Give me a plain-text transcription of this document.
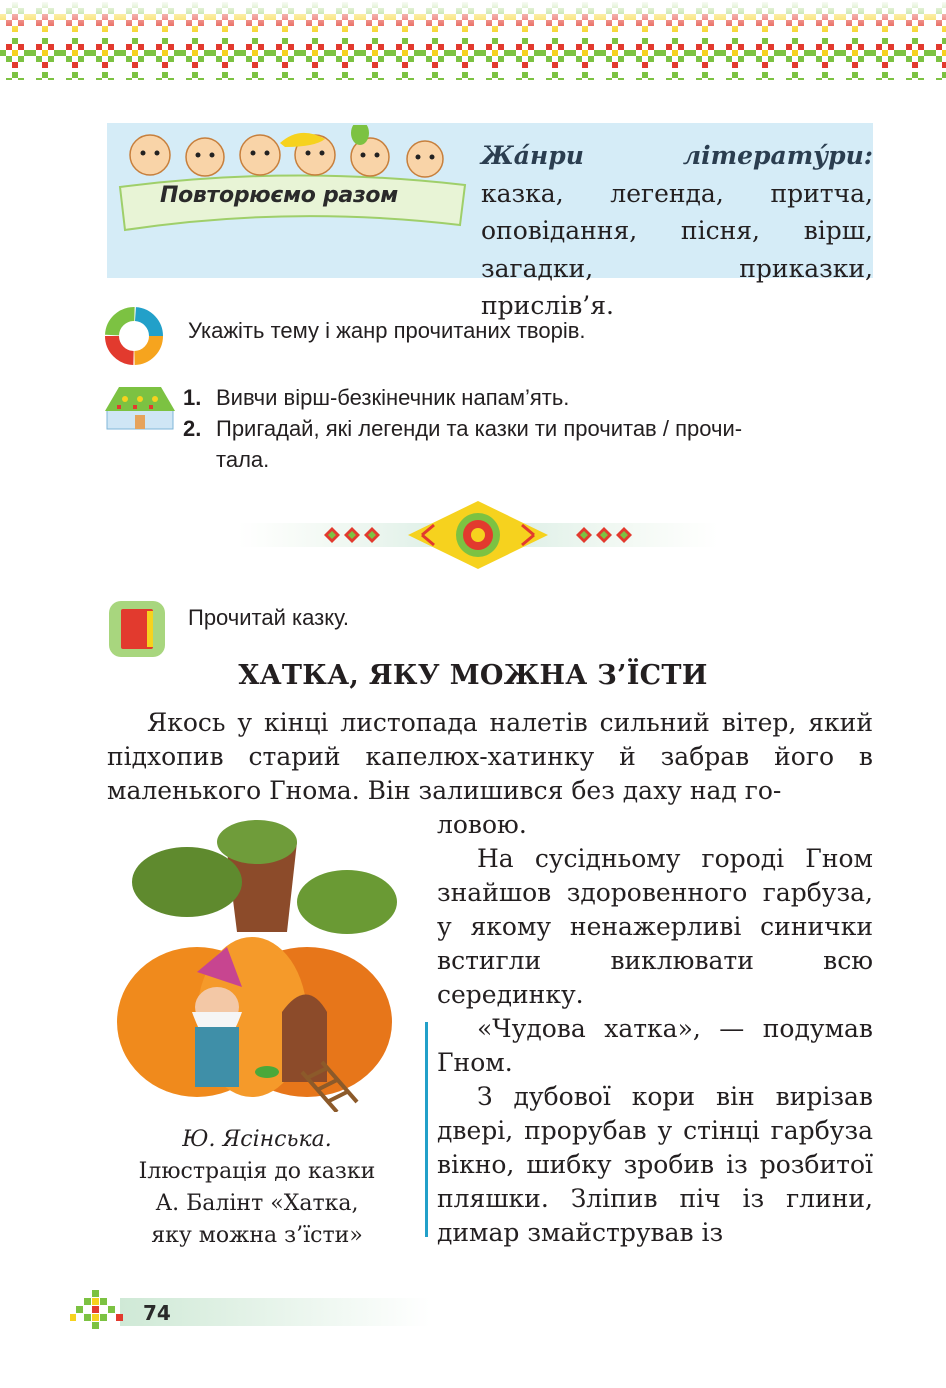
Повторюємо разом
Жа́нри літерату́ри: казка, легенда, притча, оповідання, пісня, вірш, загадки, приказки, прислів’я.
Укажіть тему і жанр прочитаних творів.
1. Вивчи вірш-безкінечник напам’ять.
2. Пригадай, які легенди та казки ти прочитав / прочи-
тала.
Прочитай казку.
ХАТКА, ЯКУ МОЖНА З’ЇСТИ
Якось у кінці листопада налетів сильний вітер, який підхопив старий капелюх-хатинку й забрав його в маленького Гнома. Він залишився без даху над го-
ловою.
На сусідньому городі Гном знайшов здоровенного гарбуза, у якому ненажерливі синички встигли виклювати всю серединку.
«Чудова хатка», — подумав Гном.
З дубової кори він вирізав двері, прорубав у стінці гарбуза вікно, шибку зробив із розбитої пляшки. Зліпив піч із глини, димар змайстрував із
Ю. Ясінська.
Ілюстрація до казки
А. Балінт «Хатка,
яку можна з’їсти»
74
